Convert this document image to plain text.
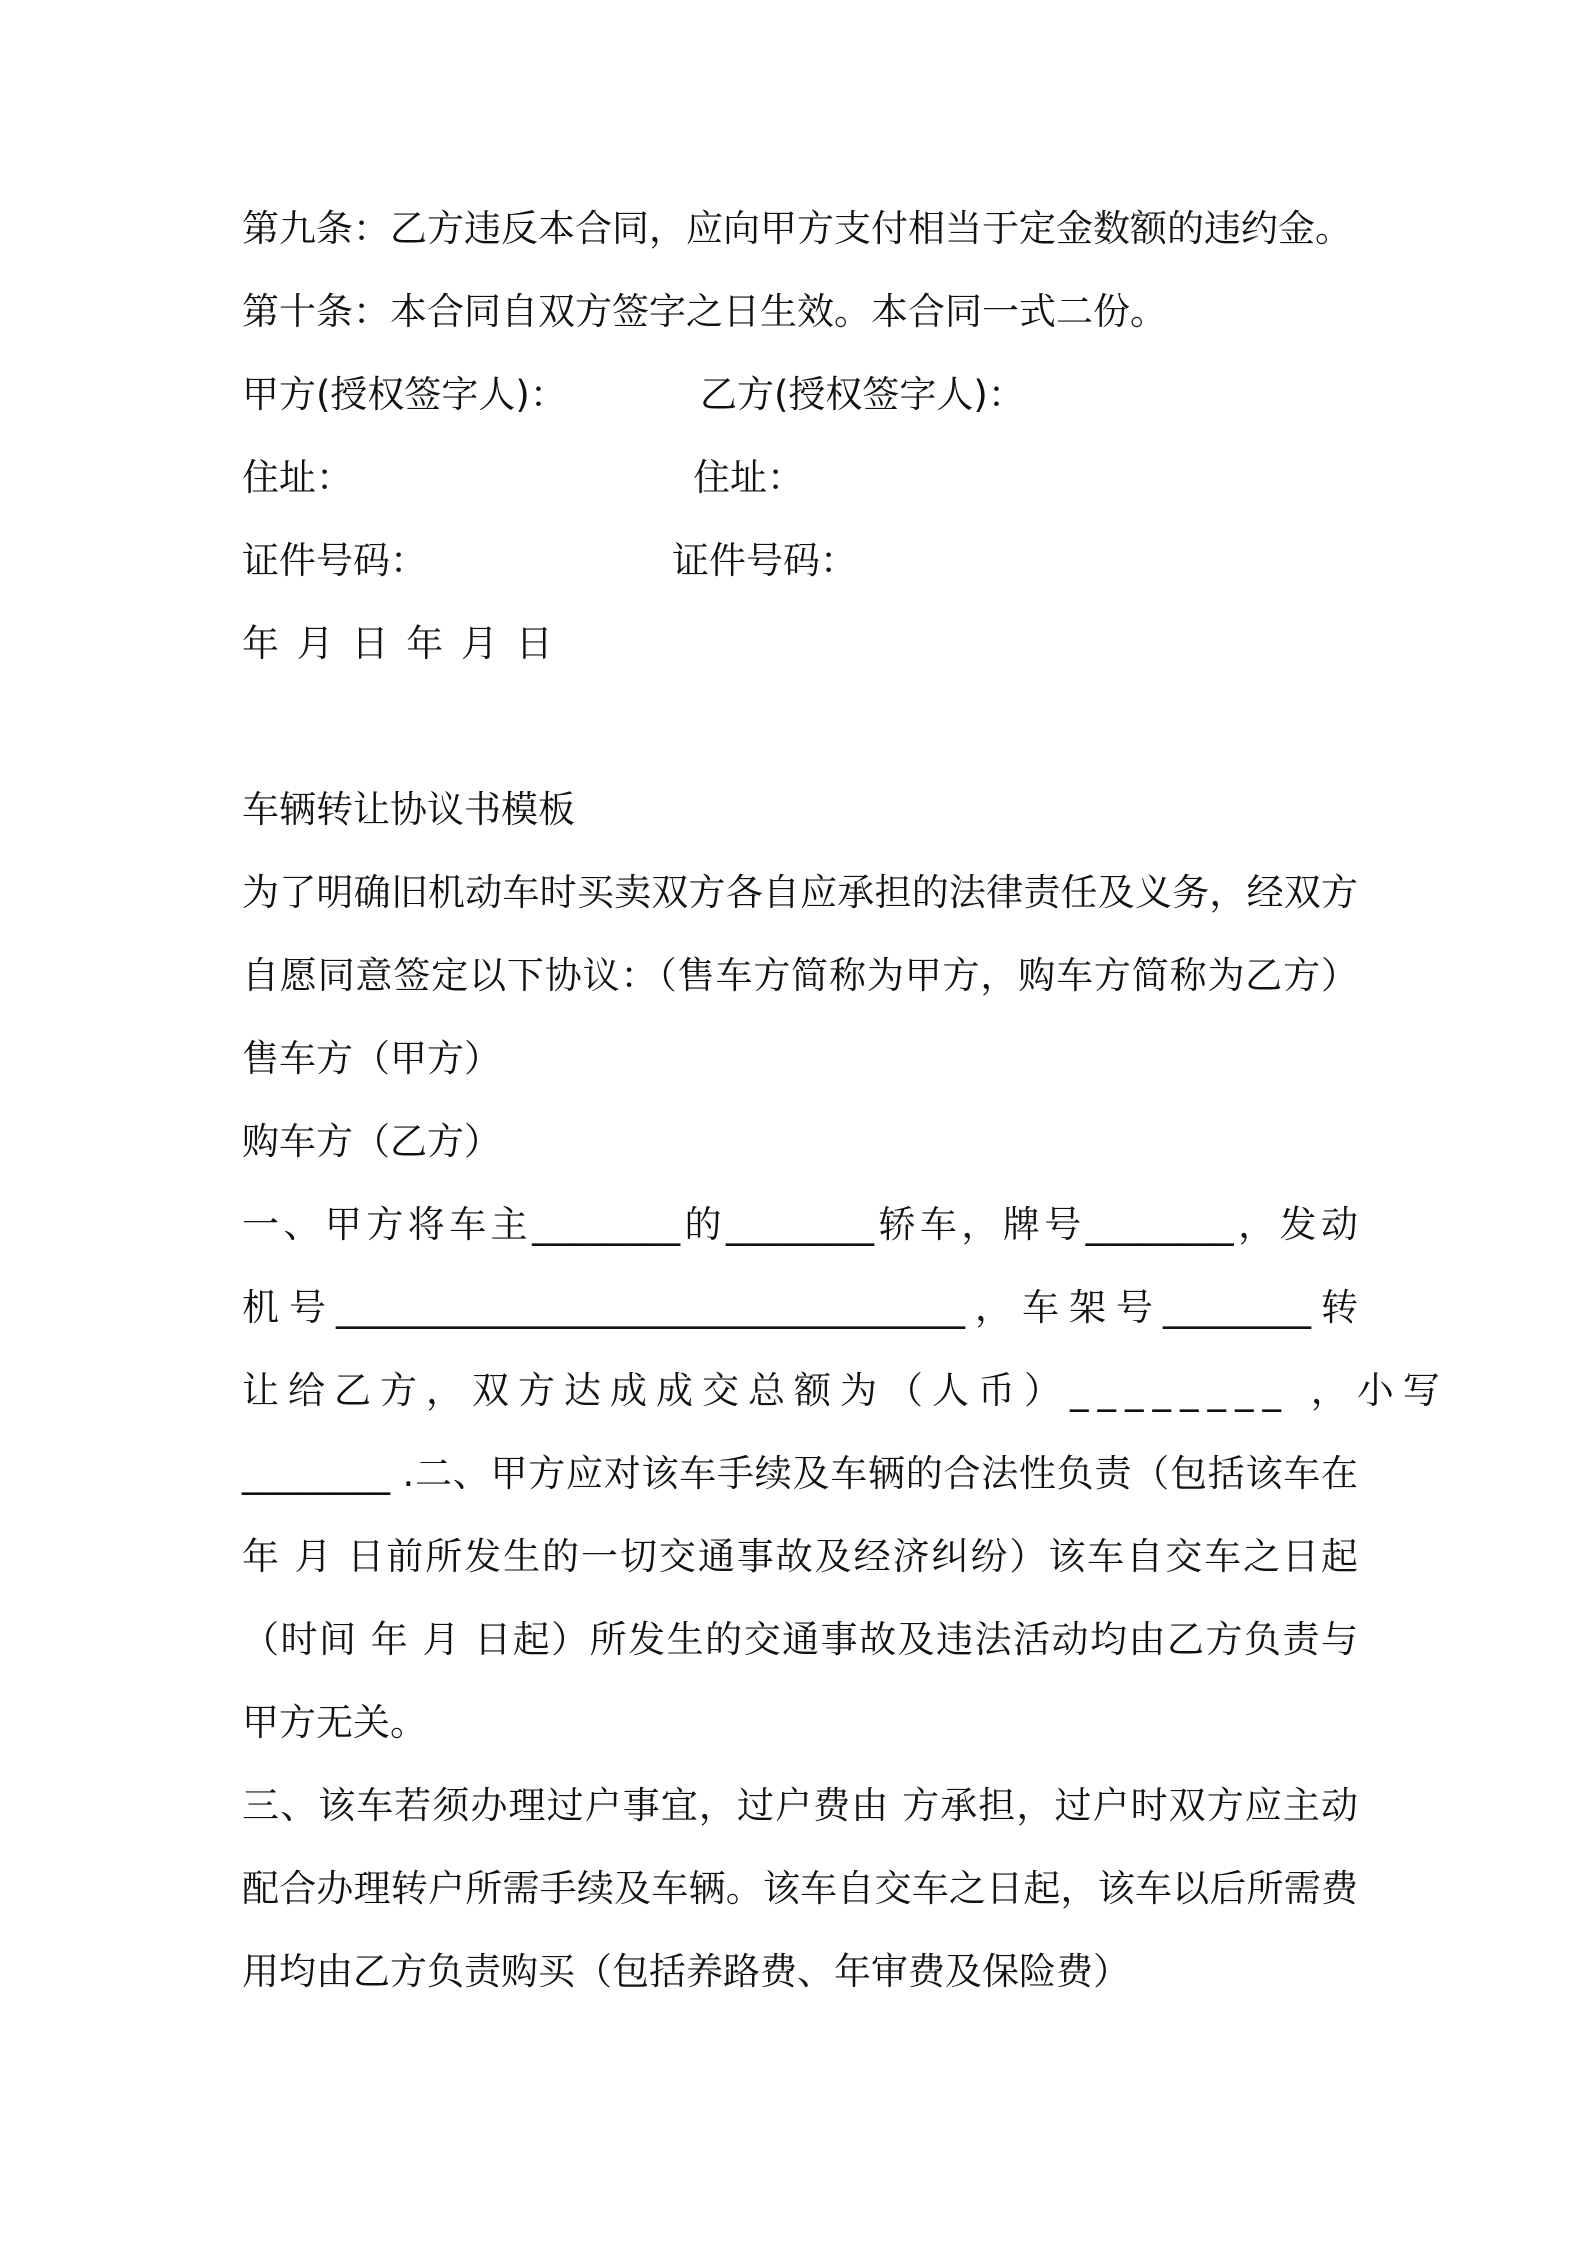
第九条：乙方违反本合同，应向甲方支付相当于定金数额的违约金。
第十条：本合同自双方签字之日生效。本合同一式二份。
甲方(授权签字人)：	乙方(授权签字人)：
住址：	住址：
证件号码：	证件号码：
年 月 日 年 月 日
车辆转让协议书模板
为了明确旧机动车时买卖双方各自应承担的法律责任及义务，经双方
自愿同意签定以下协议：（售车方简称为甲方，购车方简称为乙方）
售车方（甲方）
购车方（乙方）
一、甲方将车主________的________轿车，牌号________，发动
机号__________________________________，车架号________转
让给乙方，双方达成成交总额为（人币）________ ，小写
________ .二、甲方应对该车手续及车辆的合法性负责（包括该车在
年 月 日前所发生的一切交通事故及经济纠纷）该车自交车之日起
（时间 年 月 日起）所发生的交通事故及违法活动均由乙方负责与
甲方无关。
三、该车若须办理过户事宜，过户费由 方承担，过户时双方应主动
配合办理转户所需手续及车辆。该车自交车之日起，该车以后所需费
用均由乙方负责购买（包括养路费、年审费及保险费）
